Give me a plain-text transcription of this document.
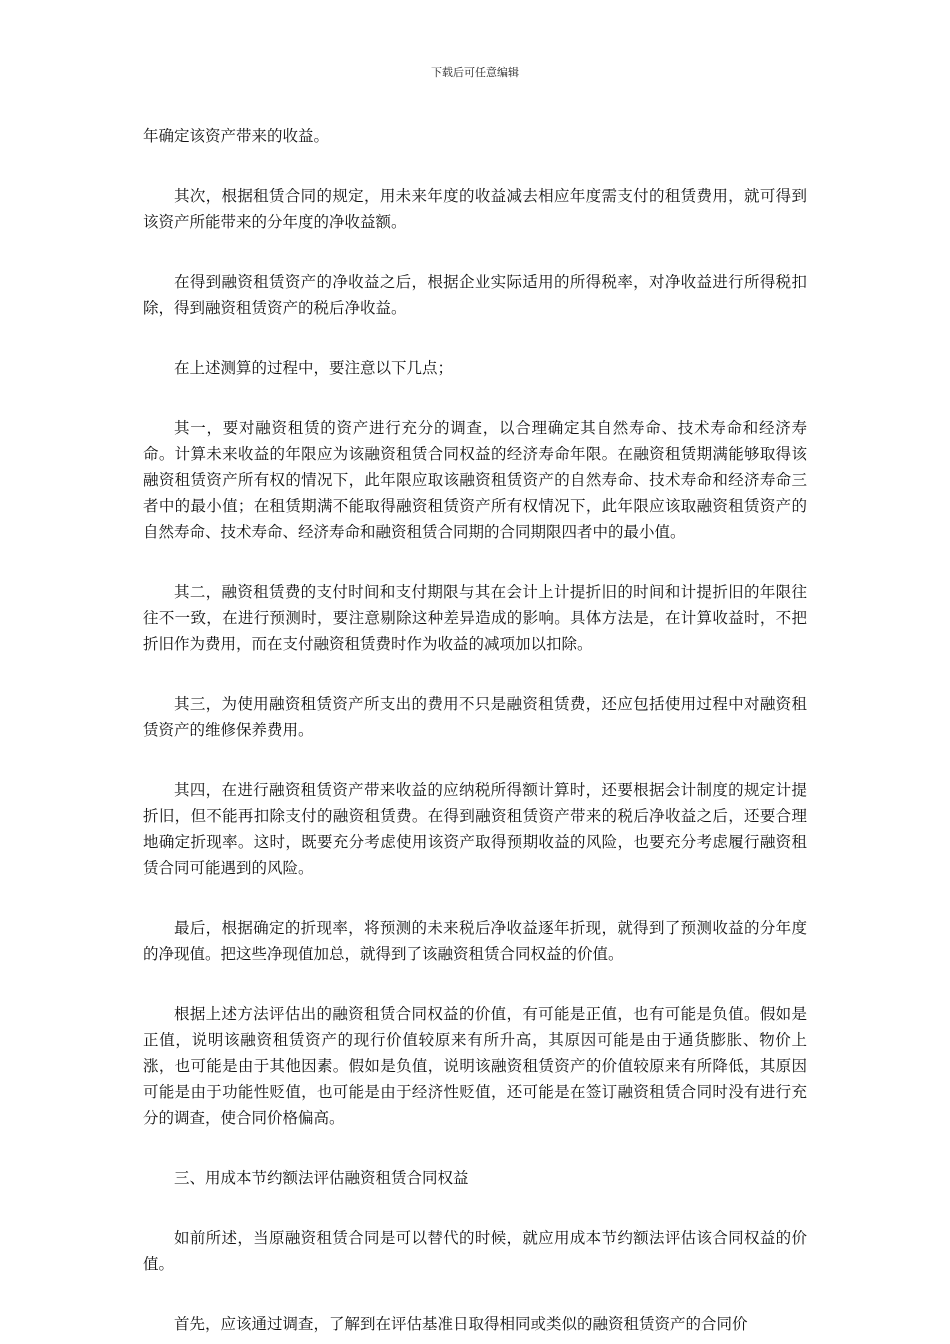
下载后可任意编辑

年确定该资产带来的收益。

其次，根据租赁合同的规定，用未来年度的收益减去相应年度需支付的租赁费用，就可得到该资产所能带来的分年度的净收益额。

在得到融资租赁资产的净收益之后，根据企业实际适用的所得税率，对净收益进行所得税扣除，得到融资租赁资产的税后净收益。

在上述测算的过程中，要注意以下几点；

其一，要对融资租赁的资产进行充分的调查，以合理确定其自然寿命、技术寿命和经济寿命。计算未来收益的年限应为该融资租赁合同权益的经济寿命年限。在融资租赁期满能够取得该融资租赁资产所有权的情况下，此年限应取该融资租赁资产的自然寿命、技术寿命和经济寿命三者中的最小值；在租赁期满不能取得融资租赁资产所有权情况下，此年限应该取融资租赁资产的自然寿命、技术寿命、经济寿命和融资租赁合同期的合同期限四者中的最小值。

其二，融资租赁费的支付时间和支付期限与其在会计上计提折旧的时间和计提折旧的年限往往不一致，在进行预测时，要注意剔除这种差异造成的影响。具体方法是，在计算收益时，不把折旧作为费用，而在支付融资租赁费时作为收益的减项加以扣除。

其三，为使用融资租赁资产所支出的费用不只是融资租赁费，还应包括使用过程中对融资租赁资产的维修保养费用。

其四，在进行融资租赁资产带来收益的应纳税所得额计算时，还要根据会计制度的规定计提折旧，但不能再扣除支付的融资租赁费。在得到融资租赁资产带来的税后净收益之后，还要合理地确定折现率。这时，既要充分考虑使用该资产取得预期收益的风险，也要充分考虑履行融资租赁合同可能遇到的风险。

最后，根据确定的折现率，将预测的未来税后净收益逐年折现，就得到了预测收益的分年度的净现值。把这些净现值加总，就得到了该融资租赁合同权益的价值。

根据上述方法评估出的融资租赁合同权益的价值，有可能是正值，也有可能是负值。假如是正值，说明该融资租赁资产的现行价值较原来有所升高，其原因可能是由于通货膨胀、物价上涨，也可能是由于其他因素。假如是负值，说明该融资租赁资产的价值较原来有所降低，其原因可能是由于功能性贬值，也可能是由于经济性贬值，还可能是在签订融资租赁合同时没有进行充分的调查，使合同价格偏高。

三、用成本节约额法评估融资租赁合同权益

如前所述，当原融资租赁合同是可以替代的时候，就应用成本节约额法评估该合同权益的价值。

首先，应该通过调查，了解到在评估基准日取得相同或类似的融资租赁资产的合同价
